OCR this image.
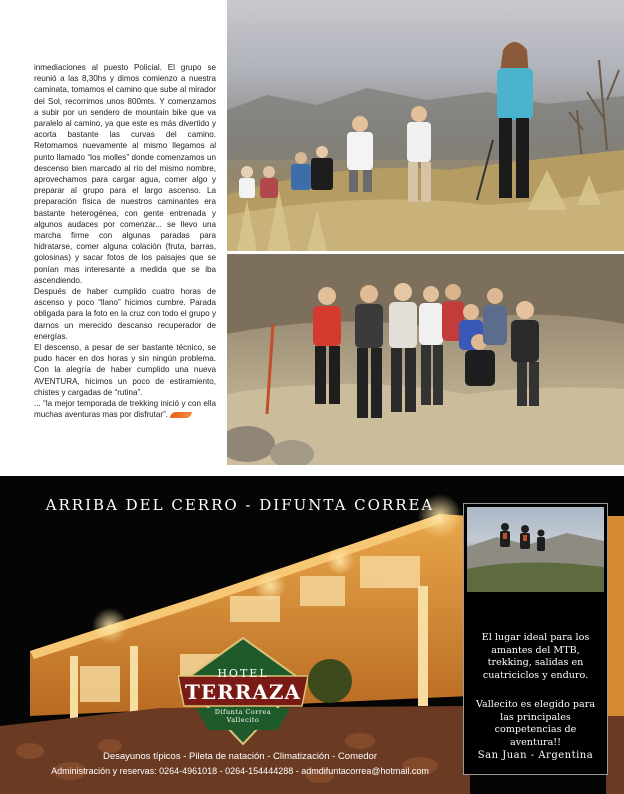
inmediaciones al puesto Policial. El grupo se reunió a las 8,30hs y dimos comienzo a nuestra caminata, tomamos el camino que sube al mirador del Sol, recorrimos unos 800mts. Y comenzamos a subir por un sendero de mountain bike que va paralelo al camino, ya que este es más divertido y acorta bastante las curvas del camino. Retomamos nuevamente al mismo llegamos al punto llamado “los molles” donde comenzamos un descenso bien marcado al río del mismo nombre, aprovechamos para cargar agua, comer algo y preparar al grupo para el largo ascenso. La preparación física de nuestros caminantes era bastante heterogénea, con gente entrenada y algunos audaces por comenzar... se llevo una marcha firme con algunas paradas para hidratarse, comer alguna colación (fruta, barras, golosinas) y sacar fotos de los paisajes que se ponían mas interesante a medida que se iba ascendiendo.

Después de haber cumplido cuatro horas de ascenso y poco “llano” hicimos cumbre. Parada obligada para la foto en la cruz con todo el grupo y darnos un merecido descanso recuperador de energías.

El descenso, a pesar de ser bastante técnico, se pudo hacer en dos horas y sin ningún problema. Con la alegría de haber cumplido una nueva AVENTURA, hicimos un poco de estiramiento, chistes y cargadas de “rutina”.

... “la mejor temporada de trekking inició y con ella muchas aventuras mas por disfrutar”.

ARRIBA DEL CERRO - DIFUNTA CORREA
HOTEL
TERRAZA
Difunta Correa
Vallecito
El lugar ideal para los amantes del MTB, trekking, salidas en cuatriciclos y enduro.
Vallecito es elegido para las principales competencias de aventura!!
San Juan - Argentina
Desayunos típicos - Pileta de natación - Climatización - Comedor
Administración y reservas: 0264-4961018 - 0264-154444288 - admdifuntacorrea@hotmail.com
